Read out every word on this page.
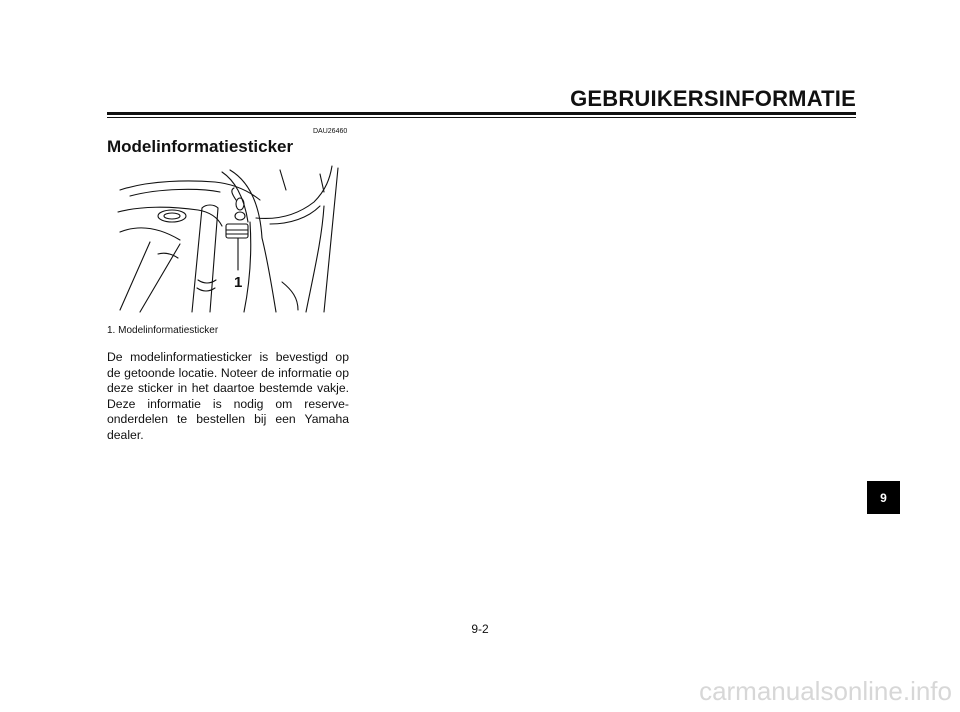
GEBRUIKERSINFORMATIE
DAU26460
Modelinformatiesticker
1
1. Modelinformatiesticker
De modelinformatiesticker is bevestigd op de getoonde locatie. Noteer de informatie op deze sticker in het daartoe bestemde vakje. Deze informatie is nodig om reserve-onderdelen te bestellen bij een Yamaha dealer.
9-2
9
carmanualsonline.info
